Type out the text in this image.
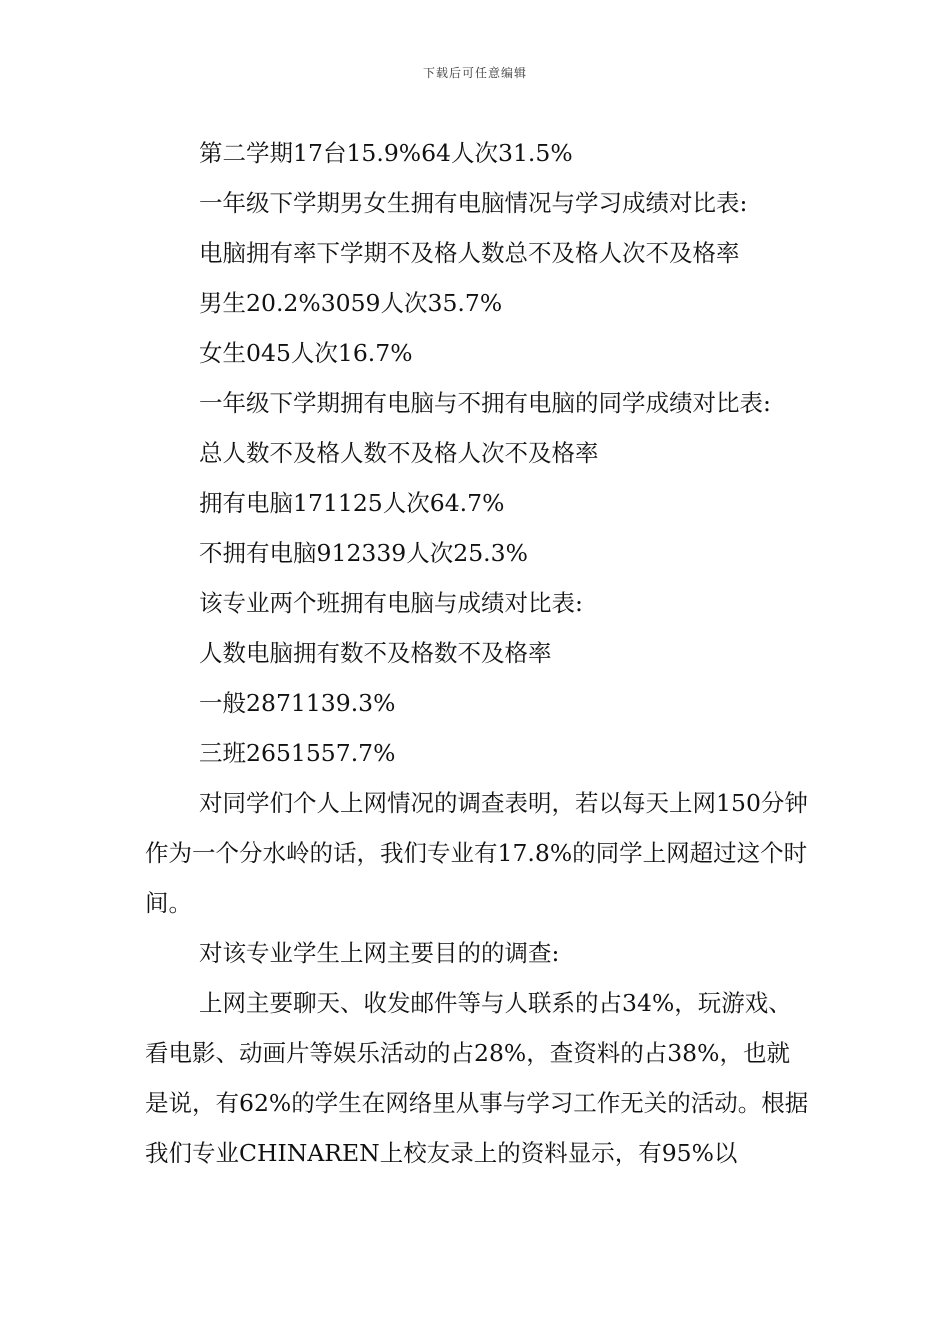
下载后可任意编辑

第二学期17台15.9%64人次31.5%

一年级下学期男女生拥有电脑情况与学习成绩对比表:

电脑拥有率下学期不及格人数总不及格人次不及格率

男生20.2%3059人次35.7%

女生045人次16.7%

一年级下学期拥有电脑与不拥有电脑的同学成绩对比表:

总人数不及格人数不及格人次不及格率

拥有电脑171125人次64.7%

不拥有电脑912339人次25.3%

该专业两个班拥有电脑与成绩对比表:

人数电脑拥有数不及格数不及格率

一般2871139.3%

三班2651557.7%

对同学们个人上网情况的调查表明，若以每天上网150分钟作为一个分水岭的话，我们专业有17.8%的同学上网超过这个时间。

对该专业学生上网主要目的的调查:

上网主要聊天、收发邮件等与人联系的占34%，玩游戏、看电影、动画片等娱乐活动的占28%，查资料的占38%，也就是说，有62%的学生在网络里从事与学习工作无关的活动。根据我们专业CHINAREN上校友录上的资料显示，有95%以
